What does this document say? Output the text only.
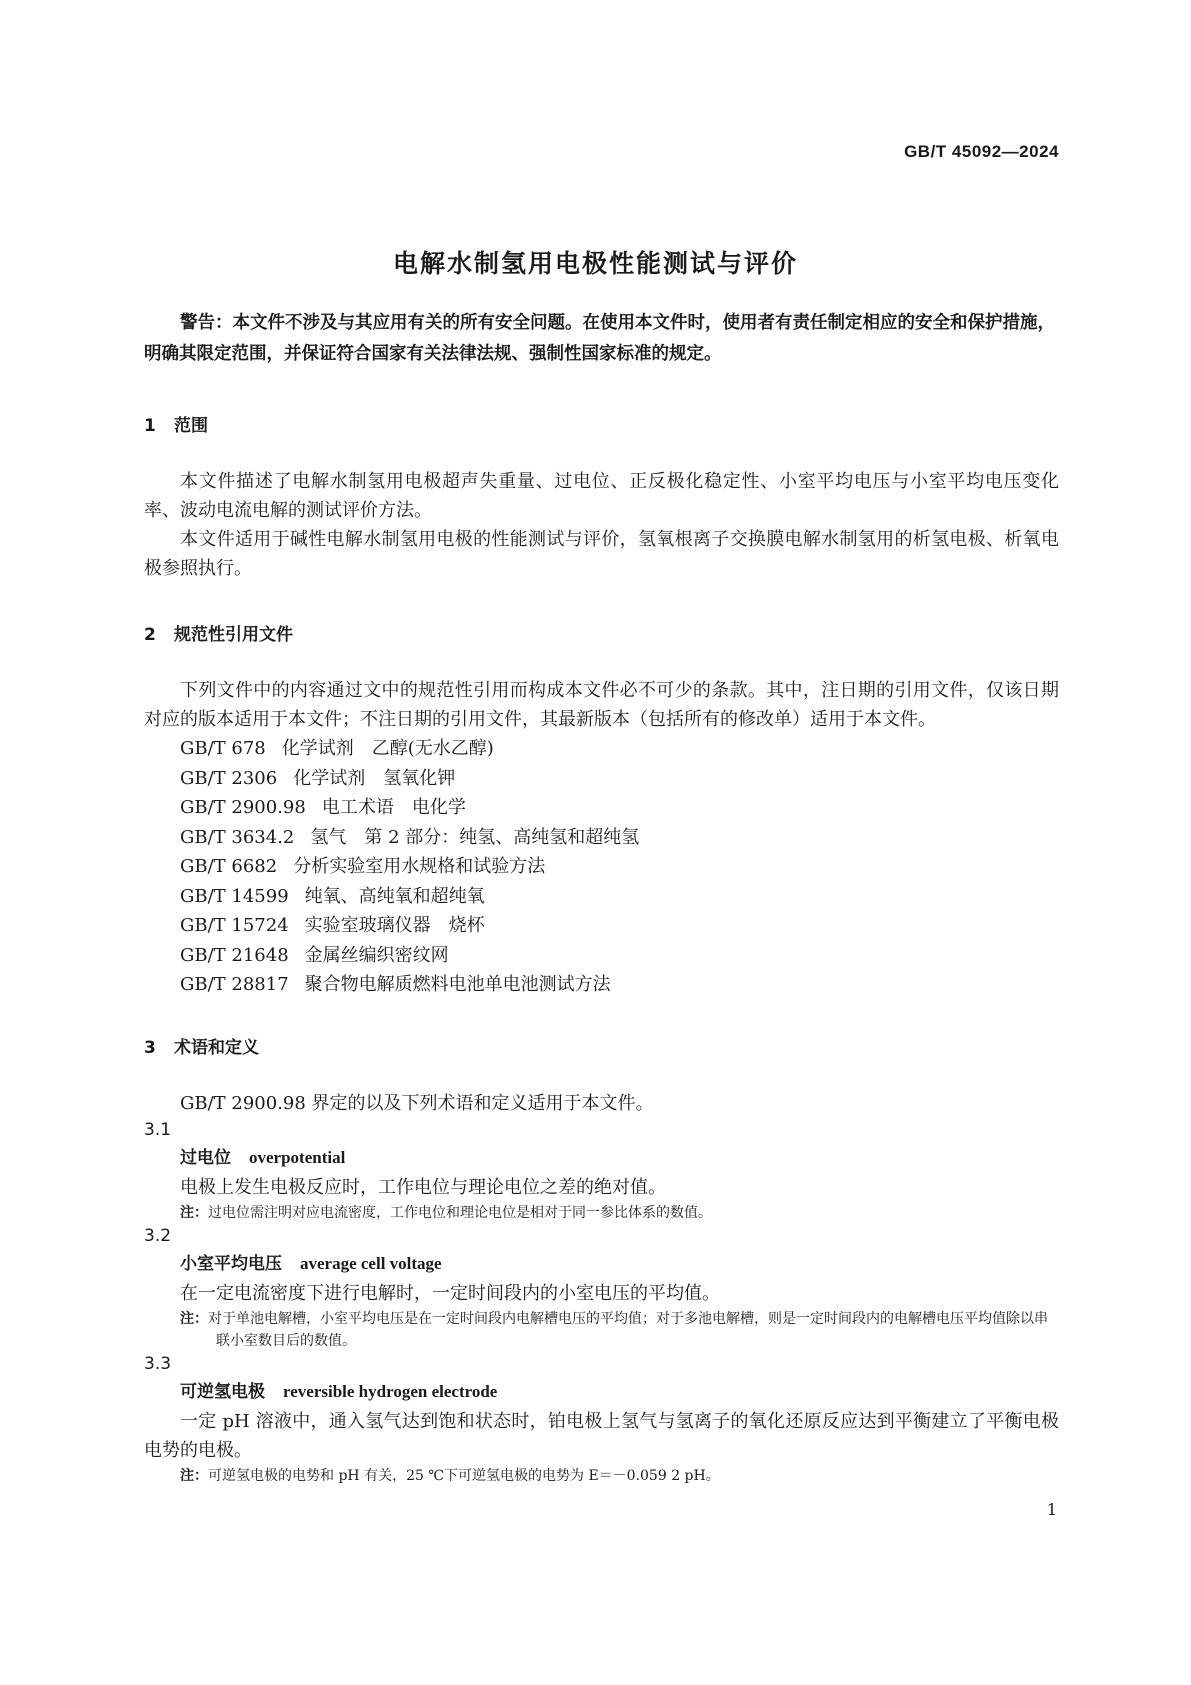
GB/T 45092—2024
电解水制氢用电极性能测试与评价

警告：本文件不涉及与其应用有关的所有安全问题。在使用本文件时，使用者有责任制定相应的安全和保护措施，明确其限定范围，并保证符合国家有关法律法规、强制性国家标准的规定。

1 范围

本文件描述了电解水制氢用电极超声失重量、过电位、正反极化稳定性、小室平均电压与小室平均电压变化率、波动电流电解的测试评价方法。

本文件适用于碱性电解水制氢用电极的性能测试与评价，氢氧根离子交换膜电解水制氢用的析氢电极、析氧电极参照执行。

2 规范性引用文件

下列文件中的内容通过文中的规范性引用而构成本文件必不可少的条款。其中，注日期的引用文件，仅该日期对应的版本适用于本文件；不注日期的引用文件，其最新版本（包括所有的修改单）适用于本文件。

GB/T 678 化学试剂　乙醇(无水乙醇)
GB/T 2306 化学试剂　氢氧化钾
GB/T 2900.98 电工术语　电化学
GB/T 3634.2 氢气　第 2 部分：纯氢、高纯氢和超纯氢
GB/T 6682 分析实验室用水规格和试验方法
GB/T 14599 纯氧、高纯氧和超纯氧
GB/T 15724 实验室玻璃仪器　烧杯
GB/T 21648 金属丝编织密纹网
GB/T 28817 聚合物电解质燃料电池单电池测试方法
3 术语和定义

GB/T 2900.98 界定的以及下列术语和定义适用于本文件。

3.1
过电位 overpotential

电极上发生电极反应时，工作电位与理论电位之差的绝对值。

注：过电位需注明对应电流密度，工作电位和理论电位是相对于同一参比体系的数值。
3.2
小室平均电压 average cell voltage

在一定电流密度下进行电解时，一定时间段内的小室电压的平均值。

注：对于单池电解槽，小室平均电压是在一定时间段内电解槽电压的平均值；对于多池电解槽，则是一定时间段内的电解槽电压平均值除以串联小室数目后的数值。
3.3
可逆氢电极 reversible hydrogen electrode

一定 pH 溶液中，通入氢气达到饱和状态时，铂电极上氢气与氢离子的氧化还原反应达到平衡建立了平衡电极电势的电极。

注：可逆氢电极的电势和 pH 有关，25 ℃下可逆氢电极的电势为 E＝－0.059 2 pH。
1
